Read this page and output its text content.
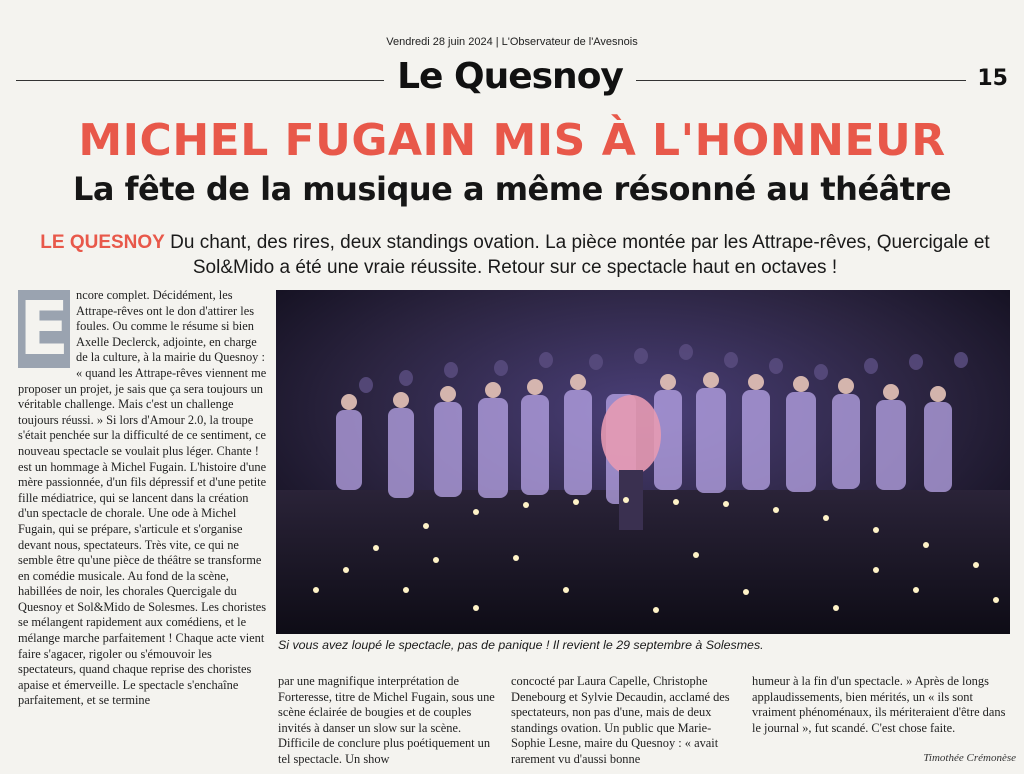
Vendredi 28 juin 2024 | L'Observateur de l'Avesnois
Le Quesnoy	15
MICHEL FUGAIN MIS À L'HONNEUR
La fête de la musique a même résonné au théâtre

LE QUESNOY Du chant, des rires, deux standings ovation. La pièce montée par les Attrape-rêves, Quercigale et Sol&Mido a été une vraie réussite. Retour sur ce spectacle haut en octaves !

E ncore complet. Décidément, les Attrape-rêves ont le don d'attirer les foules. Ou comme le résume si bien Axelle Declerck, adjointe, en charge de la culture, à la mairie du Quesnoy : « quand les Attrape-rêves viennent me proposer un projet, je sais que ça sera toujours un véritable challenge. Mais c'est un challenge toujours réussi. » Si lors d'Amour 2.0, la troupe s'était penchée sur la difficulté de ce sentiment, ce nouveau spectacle se voulait plus léger. Chante ! est un hommage à Michel Fugain. L'histoire d'une mère passionnée, d'un fils dépressif et d'une petite fille médiatrice, qui se lancent dans la création d'un spectacle de chorale. Une ode à Michel Fugain, qui se prépare, s'articule et s'organise devant nous, spectateurs. Très vite, ce qui ne semble être qu'une pièce de théâtre se transforme en comédie musicale. Au fond de la scène, habillées de noir, les chorales Quercigale du Quesnoy et Sol&Mido de Solesmes. Les choristes se mélangent rapidement aux comédiens, et le mélange marche parfaitement ! Chaque acte vient faire s'agacer, rigoler ou s'émouvoir les spectateurs, quand chaque reprise des choristes apaise et émerveille. Le spectacle s'enchaîne parfaitement, et se termine

Si vous avez loupé le spectacle, pas de panique ! Il revient le 29 septembre à Solesmes.

par une magnifique interprétation de Forteresse, titre de Michel Fugain, sous une scène éclairée de bougies et de couples invités à danser un slow sur la scène. Difficile de conclure plus poétiquement un tel spectacle. Un show

concocté par Laura Capelle, Christophe Denebourg et Sylvie Decaudin, acclamé des spectateurs, non pas d'une, mais de deux standings ovation. Un public que Marie-Sophie Lesne, maire du Quesnoy : « avait rarement vu d'aussi bonne

humeur à la fin d'un spectacle. » Après de longs applaudissements, bien mérités, un « ils sont vraiment phénoménaux, ils mériteraient d'être dans le journal », fut scandé. C'est chose faite.

Timothée Crémonèse
